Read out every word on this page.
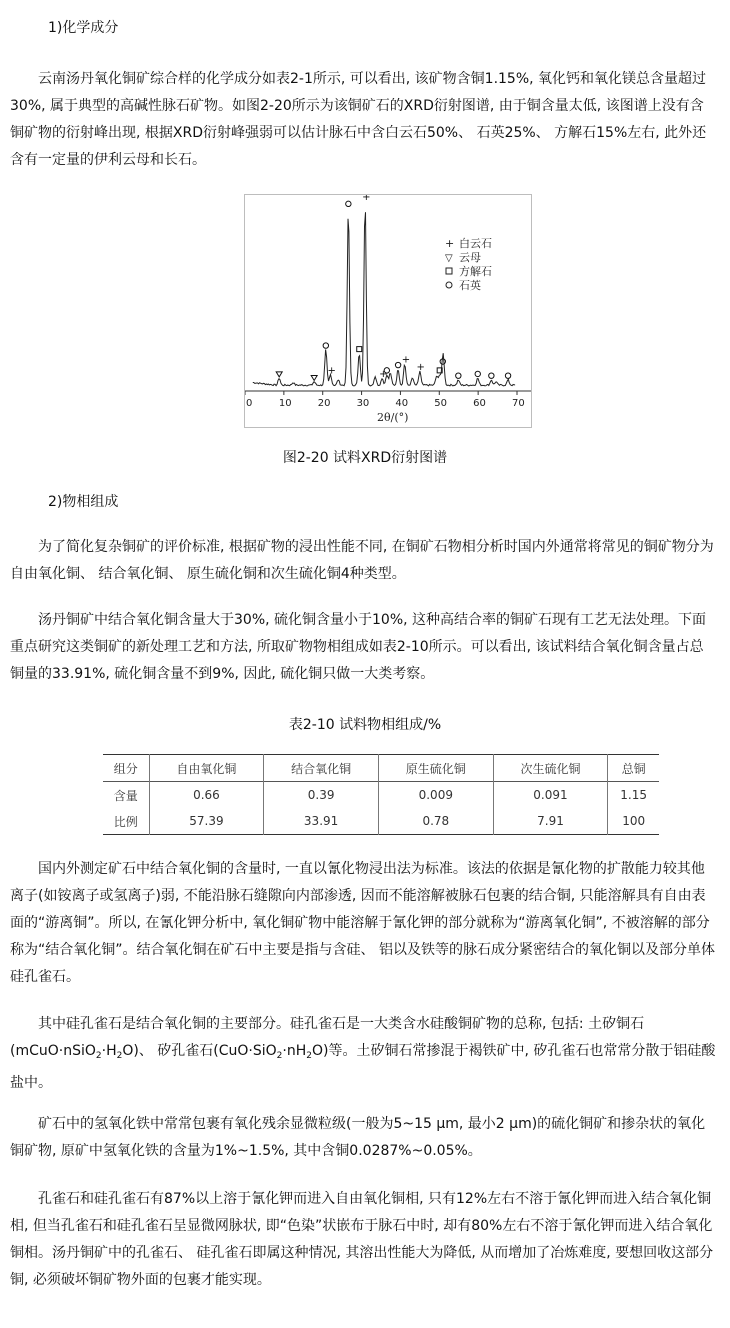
1)化学成分

云南汤丹氧化铜矿综合样的化学成分如表2-1所示, 可以看出, 该矿物含铜1.15%, 氧化钙和氧化镁总含量超过30%, 属于典型的高碱性脉石矿物。如图2-20所示为该铜矿石的XRD衍射图谱, 由于铜含量太低, 该图谱上没有含铜矿物的衍射峰出现, 根据XRD衍射峰强弱可以估计脉石中含白云石50%、 石英25%、 方解石15%左右, 此外还含有一定量的伊利云母和长石。

+
+
+
+
+
0	10	20	30	40	50	60	70
2θ/(°)
+ 白云石
▽ 云母
方解石
石英

图2-20 试料XRD衍射图谱

2)物相组成

为了简化复杂铜矿的评价标准, 根据矿物的浸出性能不同, 在铜矿石物相分析时国内外通常将常见的铜矿物分为自由氧化铜、 结合氧化铜、 原生硫化铜和次生硫化铜4种类型。

汤丹铜矿中结合氧化铜含量大于30%, 硫化铜含量小于10%, 这种高结合率的铜矿石现有工艺无法处理。下面重点研究这类铜矿的新处理工艺和方法, 所取矿物物相组成如表2-10所示。可以看出, 该试料结合氧化铜含量占总铜量的33.91%, 硫化铜含量不到9%, 因此, 硫化铜只做一大类考察。

表2-10 试料物相组成/%

组分	自由氧化铜	结合氧化铜	原生硫化铜	次生硫化铜	总铜
含量	0.66	0.39	0.009	0.091	1.15
比例	57.39	33.91	0.78	7.91	100

国内外测定矿石中结合氧化铜的含量时, 一直以氰化物浸出法为标准。该法的依据是氰化物的扩散能力较其他离子(如铵离子或氢离子)弱, 不能沿脉石缝隙向内部渗透, 因而不能溶解被脉石包裹的结合铜, 只能溶解具有自由表面的“游离铜”。所以, 在氰化钾分析中, 氧化铜矿物中能溶解于氰化钾的部分就称为“游离氧化铜”, 不被溶解的部分称为“结合氧化铜”。结合氧化铜在矿石中主要是指与含硅、 铝以及铁等的脉石成分紧密结合的氧化铜以及部分单体硅孔雀石。

其中硅孔雀石是结合氧化铜的主要部分。硅孔雀石是一大类含水硅酸铜矿物的总称, 包括: 土矽铜石$(mCuO\cdot nSiO_2\cdot H_2O)$、 矽孔雀石$(CuO\cdot SiO_2\cdot nH_2O)$等。土矽铜石常掺混于褐铁矿中, 矽孔雀石也常常分散于铝硅酸盐中。

矿石中的氢氧化铁中常常包裹有氧化残余显微粒级(一般为5~15 μm, 最小2 μm)的硫化铜矿和掺杂状的氧化铜矿物, 原矿中氢氧化铁的含量为1%~1.5%, 其中含铜0.0287%~0.05%。

孔雀石和硅孔雀石有87%以上溶于氰化钾而进入自由氧化铜相, 只有12%左右不溶于氰化钾而进入结合氧化铜相, 但当孔雀石和硅孔雀石呈显微网脉状, 即“色染”状嵌布于脉石中时, 却有80%左右不溶于氰化钾而进入结合氧化铜相。汤丹铜矿中的孔雀石、 硅孔雀石即属这种情况, 其溶出性能大为降低, 从而增加了冶炼难度, 要想回收这部分铜, 必须破坏铜矿物外面的包裹才能实现。
